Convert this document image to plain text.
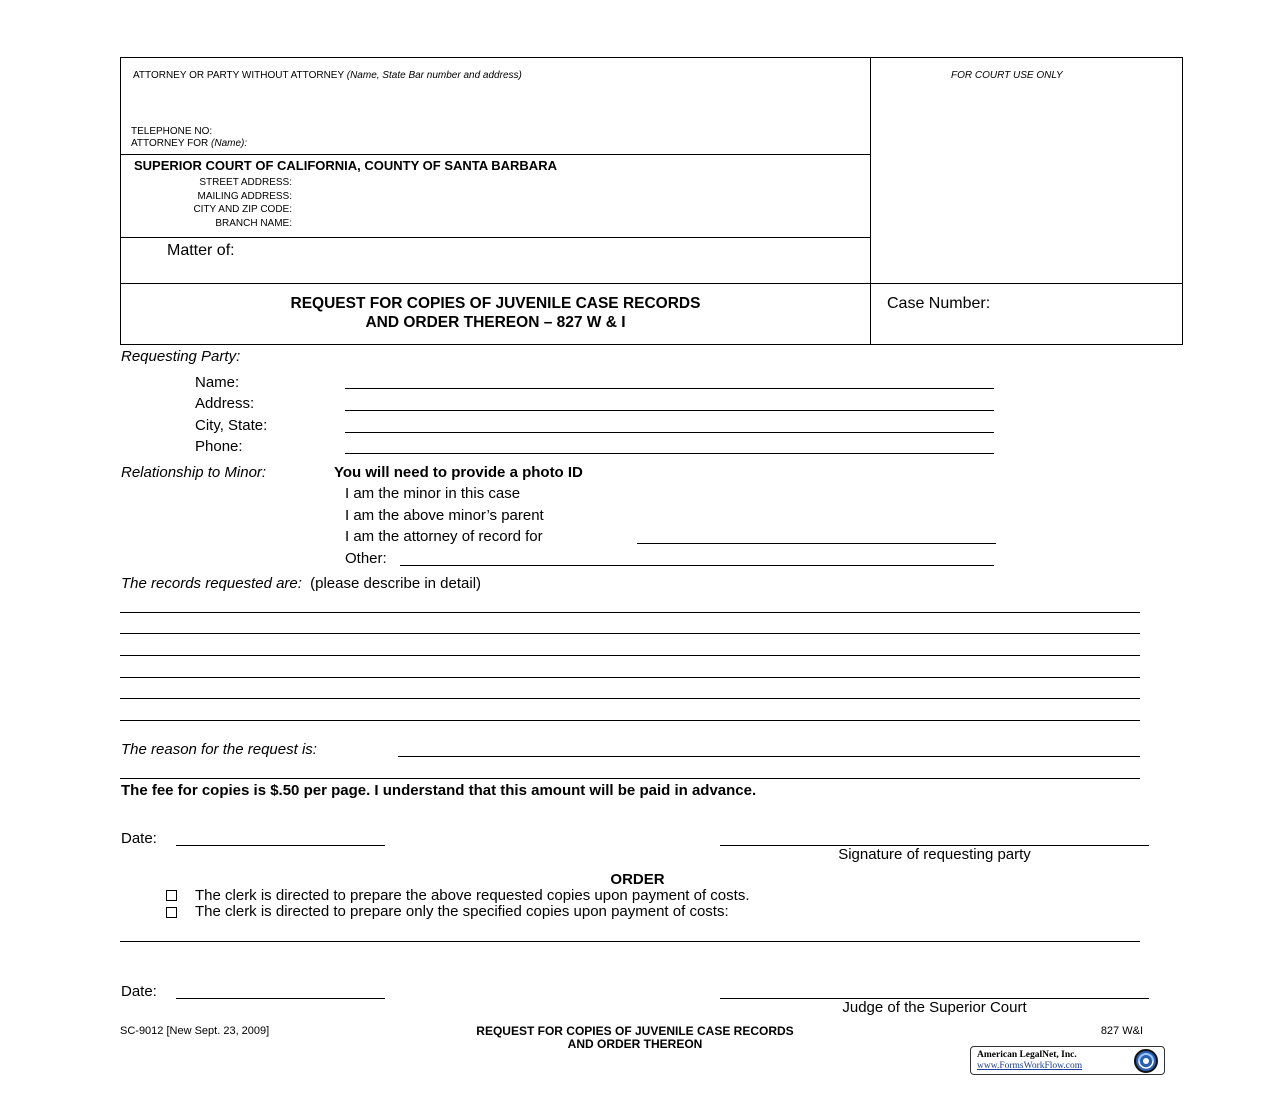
ATTORNEY OR PARTY WITHOUT ATTORNEY (Name, State Bar number and address)	FOR COURT USE ONLY
TELEPHONE NO:
ATTORNEY FOR (Name):
SUPERIOR COURT OF CALIFORNIA, COUNTY OF SANTA BARBARA
STREET ADDRESS:
MAILING ADDRESS:
CITY AND ZIP CODE:
BRANCH NAME:
Matter of:
REQUEST FOR COPIES OF JUVENILE CASE RECORDS
AND ORDER THEREON – 827 W & I
Case Number:
Requesting Party:
Name:
Address:
City, State:
Phone:
Relationship to Minor:	You will need to provide a photo ID
I am the minor in this case
I am the above minor’s parent
I am the attorney of record for
Other:
The records requested are: (please describe in detail)
The reason for the request is:
The fee for copies is $.50 per page. I understand that this amount will be paid in advance.
Date:
Signature of requesting party
ORDER
The clerk is directed to prepare the above requested copies upon payment of costs.
The clerk is directed to prepare only the specified copies upon payment of costs:
Date:
Judge of the Superior Court
SC-9012 [New Sept. 23, 2009]	REQUEST FOR COPIES OF JUVENILE CASE RECORDS
AND ORDER THEREON
827 W&I
American LegalNet, Inc.
www.FormsWorkFlow.com
